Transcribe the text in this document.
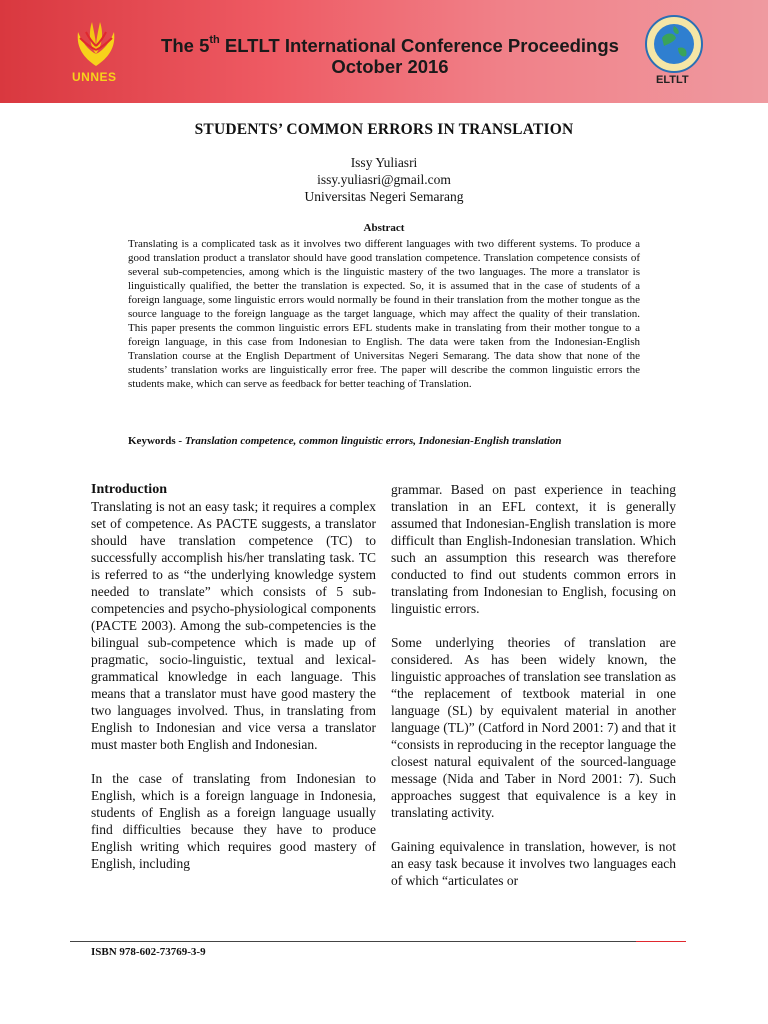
UNNES
The 5th ELTLT International Conference Proceedings
October 2016
ELTLT
STUDENTS’ COMMON ERRORS IN TRANSLATION
Issy Yuliasri
issy.yuliasri@gmail.com
Universitas Negeri Semarang
Abstract
Translating is a complicated task as it involves two different languages with two different systems. To produce a good translation product a translator should have good translation competence. Translation competence consists of several sub-competencies, among which is the linguistic mastery of the two languages. The more a translator is linguistically qualified, the better the translation is expected. So, it is assumed that in the case of students of a foreign language, some linguistic errors would normally be found in their translation from the mother tongue as the source language to the foreign language as the target language, which may affect the quality of their translation. This paper presents the common linguistic errors EFL students make in translating from their mother tongue to a foreign language, in this case from Indonesian to English. The data were taken from the Indonesian-English Translation course at the English Department of Universitas Negeri Semarang. The data show that none of the students’ translation works are linguistically error free. The paper will describe the common linguistic errors the students make, which can serve as feedback for better teaching of Translation.
Keywords - Translation competence, common linguistic errors, Indonesian-English translation
Introduction

Translating is not an easy task; it requires a complex set of competence. As PACTE suggests, a translator should have translation competence (TC) to successfully accomplish his/her translating task. TC is referred to as “the underlying knowledge system needed to translate” which consists of 5 sub-competencies and psycho-physiological components (PACTE 2003). Among the sub-competencies is the bilingual sub-competence which is made up of pragmatic, socio-linguistic, textual and lexical-grammatical knowledge in each language. This means that a translator must have good mastery the two languages involved. Thus, in translating from English to Indonesian and vice versa a translator must master both English and Indonesian.

In the case of translating from Indonesian to English, which is a foreign language in Indonesia, students of English as a foreign language usually find difficulties because they have to produce English writing which requires good mastery of English, including

grammar. Based on past experience in teaching translation in an EFL context, it is generally assumed that Indonesian-English translation is more difficult than English-Indonesian translation. Which such an assumption this research was therefore conducted to find out students common errors in translating from Indonesian to English, focusing on linguistic errors.

Some underlying theories of translation are considered. As has been widely known, the linguistic approaches of translation see translation as “the replacement of textbook material in one language (SL) by equivalent material in another language (TL)” (Catford in Nord 2001: 7) and that it “consists in reproducing in the receptor language the closest natural equivalent of the sourced-language message (Nida and Taber in Nord 2001: 7). Such approaches suggest that equivalence is a key in translating activity.

Gaining equivalence in translation, however, is not an easy task because it involves two languages each of which “articulates or

ISBN 978-602-73769-3-9
